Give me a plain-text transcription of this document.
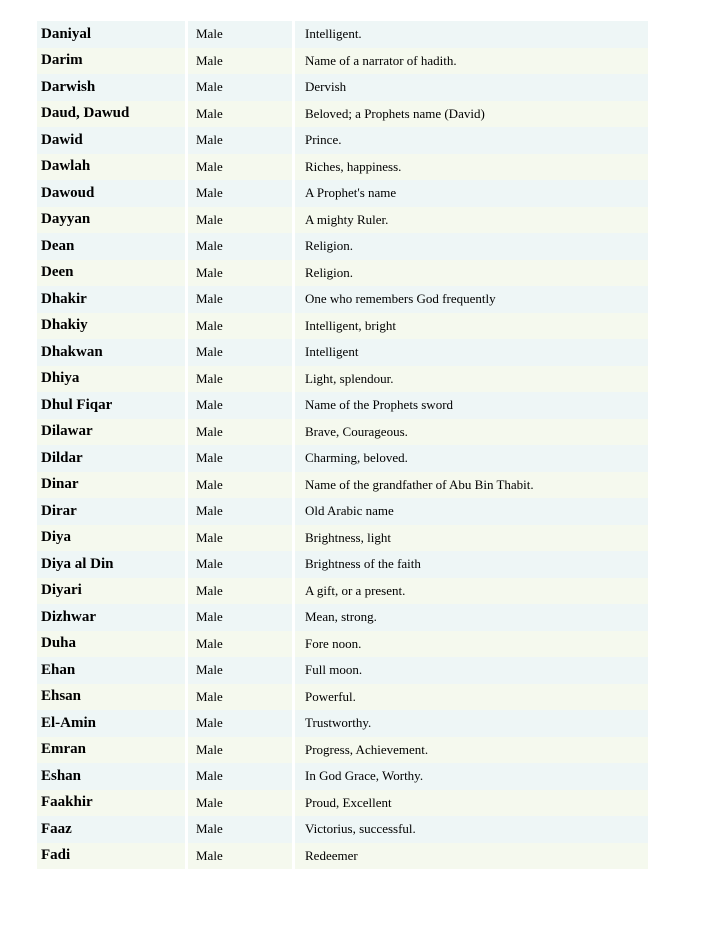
Daniyal	Male	Intelligent.
Darim	Male	Name of a narrator of hadith.
Darwish	Male	Dervish
Daud, Dawud	Male	Beloved; a Prophets name (David)
Dawid	Male	Prince.
Dawlah	Male	Riches, happiness.
Dawoud	Male	A Prophet's name
Dayyan	Male	A mighty Ruler.
Dean	Male	Religion.
Deen	Male	Religion.
Dhakir	Male	One who remembers God frequently
Dhakiy	Male	Intelligent, bright
Dhakwan	Male	Intelligent
Dhiya	Male	Light, splendour.
Dhul Fiqar	Male	Name of the Prophets sword
Dilawar	Male	Brave, Courageous.
Dildar	Male	Charming, beloved.
Dinar	Male	Name of the grandfather of Abu Bin Thabit.
Dirar	Male	Old Arabic name
Diya	Male	Brightness, light
Diya al Din	Male	Brightness of the faith
Diyari	Male	A gift, or a present.
Dizhwar	Male	Mean, strong.
Duha	Male	Fore noon.
Ehan	Male	Full moon.
Ehsan	Male	Powerful.
El-Amin	Male	Trustworthy.
Emran	Male	Progress, Achievement.
Eshan	Male	In God Grace, Worthy.
Faakhir	Male	Proud, Excellent
Faaz	Male	Victorius, successful.
Fadi	Male	Redeemer
